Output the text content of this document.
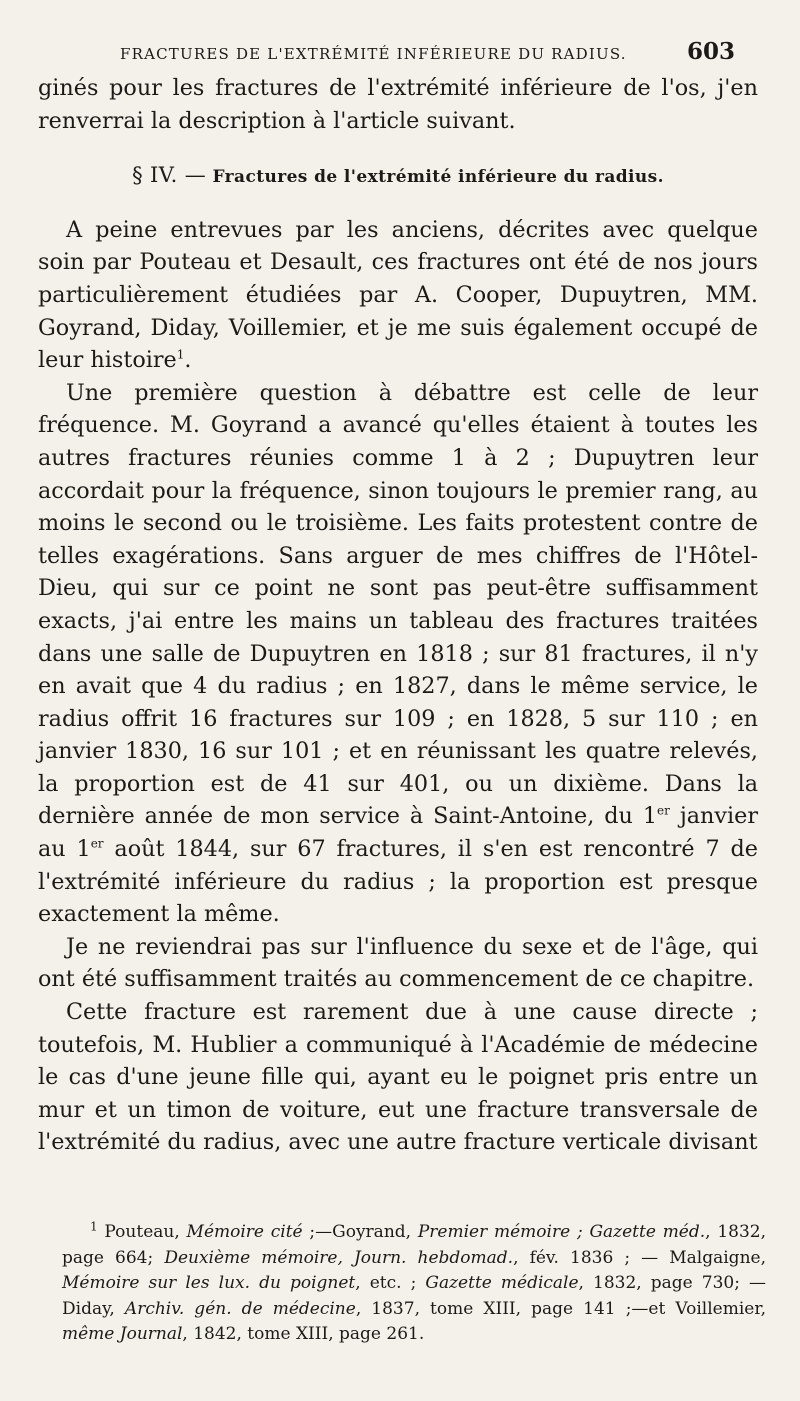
FRACTURES DE L'EXTRÉMITÉ INFÉRIEURE DU RADIUS.	603

ginés pour les fractures de l'extrémité inférieure de l'os, j'en renverrai la description à l'article suivant.

§ IV. — Fractures de l'extrémité inférieure du radius.

A peine entrevues par les anciens, décrites avec quelque soin par Pouteau et Desault, ces fractures ont été de nos jours particulièrement étudiées par A. Cooper, Dupuytren, MM. Goyrand, Diday, Voillemier, et je me suis également occupé de leur histoire$^1$.

Une première question à débattre est celle de leur fréquence. M. Goyrand a avancé qu'elles étaient à toutes les autres fractures réunies comme 1 à 2 ; Dupuytren leur accordait pour la fréquence, sinon toujours le premier rang, au moins le second ou le troisième. Les faits protestent contre de telles exagérations. Sans arguer de mes chiffres de l'Hôtel-Dieu, qui sur ce point ne sont pas peut-être suffisamment exacts, j'ai entre les mains un tableau des fractures traitées dans une salle de Dupuytren en 1818 ; sur 81 fractures, il n'y en avait que 4 du radius ; en 1827, dans le même service, le radius offrit 16 fractures sur 109 ; en 1828, 5 sur 110 ; en janvier 1830, 16 sur 101 ; et en réunissant les quatre relevés, la proportion est de 41 sur 401, ou un dixième. Dans la dernière année de mon service à Saint-Antoine, du 1er janvier au 1er août 1844, sur 67 fractures, il s'en est rencontré 7 de l'extrémité inférieure du radius ; la proportion est presque exactement la même.

Je ne reviendrai pas sur l'influence du sexe et de l'âge, qui ont été suffisamment traités au commencement de ce chapitre.

Cette fracture est rarement due à une cause directe ; toutefois, M. Hublier a communiqué à l'Académie de médecine le cas d'une jeune fille qui, ayant eu le poignet pris entre un mur et un timon de voiture, eut une fracture transversale de l'extrémité du radius, avec une autre fracture verticale divisant

$^1$ Pouteau, Mémoire cité ;—Goyrand, Premier mémoire ; Gazette méd., 1832, page 664; Deuxième mémoire, Journ. hebdomad., fév. 1836 ; — Malgaigne, Mémoire sur les lux. du poignet, etc. ; Gazette médicale, 1832, page 730; — Diday, Archiv. gén. de médecine, 1837, tome XIII, page 141 ;—et Voillemier, même Journal, 1842, tome XIII, page 261.
